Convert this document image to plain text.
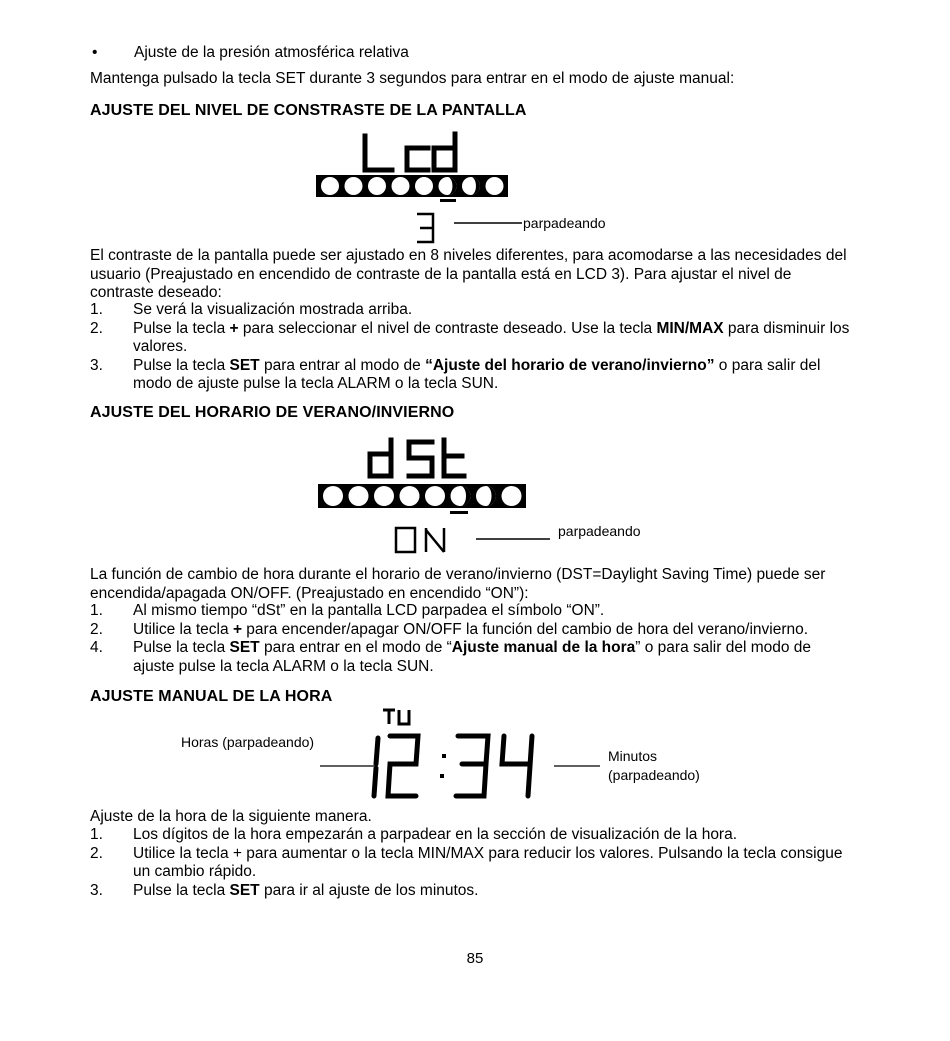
• Ajuste de la presión atmosférica relativa
Mantenga pulsado la tecla SET durante 3 segundos para entrar en el modo de ajuste manual:
AJUSTE DEL NIVEL DE CONSTRASTE DE LA PANTALLA
Lcd
parpadeando
El contraste de la pantalla puede ser ajustado en 8 niveles diferentes, para acomodarse a las necesidades del usuario (Preajustado en encendido de contraste de la pantalla está en LCD 3). Para ajustar el nivel de contraste deseado:
1. Se verá la visualización mostrada arriba.
2. Pulse la tecla + para seleccionar el nivel de contraste deseado. Use la tecla MIN/MAX para disminuir los valores.
3. Pulse la tecla SET para entrar al modo de “Ajuste del horario de verano/invierno” o para salir del modo de ajuste pulse la tecla ALARM o la tecla SUN.
AJUSTE DEL HORARIO DE VERANO/INVIERNO
parpadeando
La función de cambio de hora durante el horario de verano/invierno (DST=Daylight Saving Time) puede ser encendida/apagada ON/OFF. (Preajustado en encendido “ON”):
1. Al mismo tiempo “dSt” en la pantalla LCD parpadea el símbolo “ON”.
2. Utilice la tecla + para encender/apagar ON/OFF la función del cambio de hora del verano/invierno.
4. Pulse la tecla SET para entrar en el modo de “Ajuste manual de la hora” o para salir del modo de ajuste pulse la tecla ALARM o la tecla SUN.
AJUSTE MANUAL DE LA HORA
Horas (parpadeando)
Minutos
(parpadeando)
Ajuste de la hora de la siguiente manera.
1. Los dígitos de la hora empezarán a parpadear en la sección de visualización de la hora.
2. Utilice la tecla + para aumentar o la tecla MIN/MAX para reducir los valores. Pulsando la tecla consigue un cambio rápido.
3. Pulse la tecla SET para ir al ajuste de los minutos.
85
